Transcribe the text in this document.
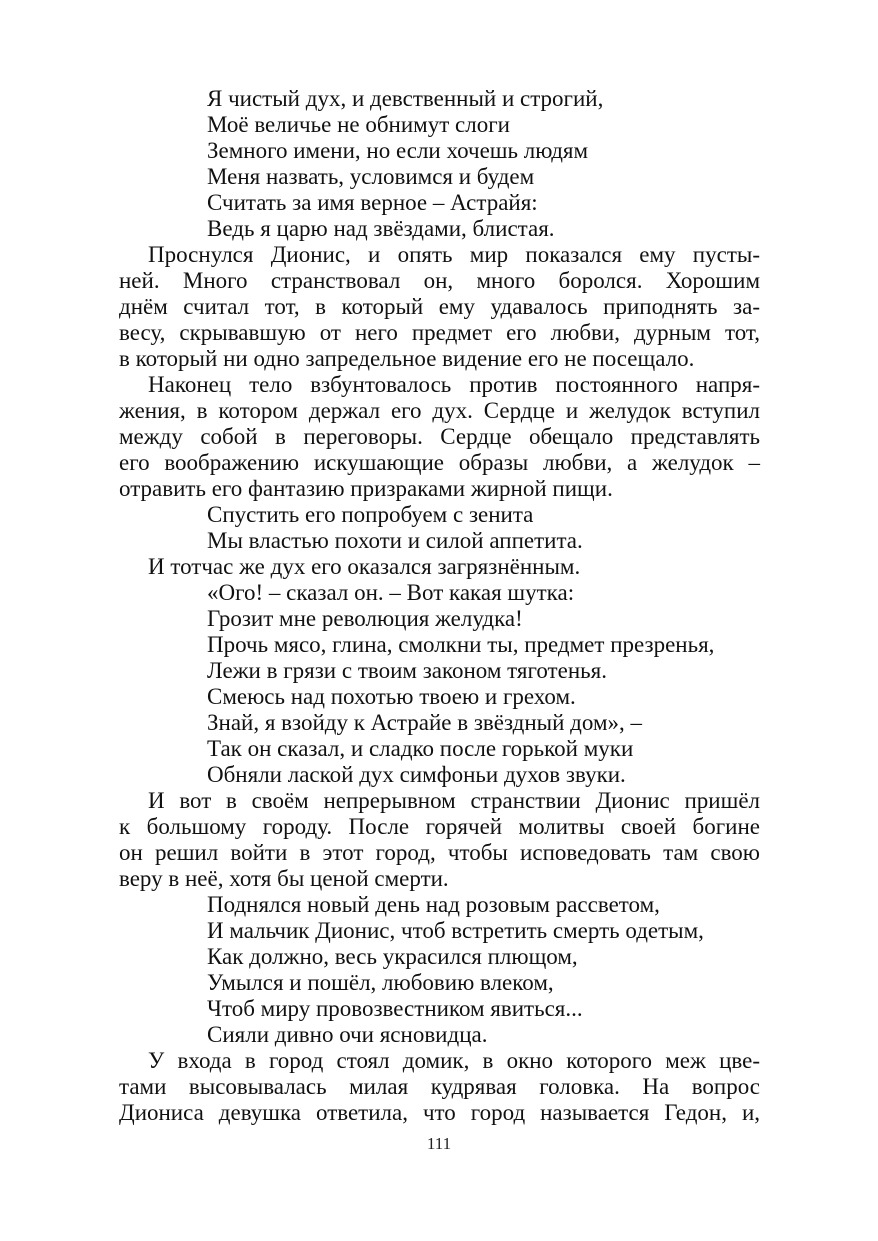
Я чистый дух, и девственный и строгий,
Моё величье не обнимут слоги
Земного имени, но если хочешь людям
Меня назвать, условимся и будем
Считать за имя верное – Астрайя:
Ведь я царю над звёздами, блистая.
Проснулся Дионис, и опять мир показался ему пусты-
ней. Много странствовал он, много боролся. Хорошим
днём считал тот, в который ему удавалось приподнять за-
весу, скрывавшую от него предмет его любви, дурным тот,
в который ни одно запредельное видение его не посещало.
Наконец тело взбунтовалось против постоянного напря-
жения, в котором держал его дух. Сердце и желудок вступил
между собой в переговоры. Сердце обещало представлять
его воображению искушающие образы любви, а желудок –
отравить его фантазию призраками жирной пищи.
Спустить его попробуем с зенита
Мы властью похоти и силой аппетита.
И тотчас же дух его оказался загрязнённым.
«Ого! – сказал он. – Вот какая шутка:
Грозит мне революция желудка!
Прочь мясо, глина, смолкни ты, предмет презренья,
Лежи в грязи с твоим законом тяготенья.
Смеюсь над похотью твоею и грехом.
Знай, я взойду к Астрайе в звёздный дом», –
Так он сказал, и сладко после горькой муки
Обняли лаской дух симфоньи духов звуки.
И вот в своём непрерывном странствии Дионис пришёл
к большому городу. После горячей молитвы своей богине
он решил войти в этот город, чтобы исповедовать там свою
веру в неё, хотя бы ценой смерти.
Поднялся новый день над розовым рассветом,
И мальчик Дионис, чтоб встретить смерть одетым,
Как должно, весь украсился плющом,
Умылся и пошёл, любовию влеком,
Чтоб миру провозвестником явиться...
Сияли дивно очи ясновидца.
У входа в город стоял домик, в окно которого меж цве-
тами высовывалась милая кудрявая головка. На вопрос
Диониса девушка ответила, что город называется Гедон, и,
111
